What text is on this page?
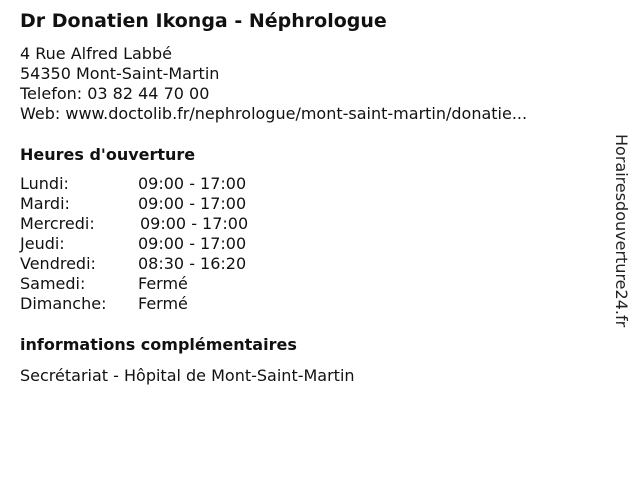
Dr Donatien Ikonga - Néphrologue
4 Rue Alfred Labbé
54350 Mont-Saint-Martin
Telefon: 03 82 44 70 00
Web: www.doctolib.fr/nephrologue/mont-saint-martin/donatie...
Heures d'ouverture
Lundi:	09:00 - 17:00
Mardi:	09:00 - 17:00
Mercredi:	09:00 - 17:00
Jeudi:	09:00 - 17:00
Vendredi:	08:30 - 16:20
Samedi:	Fermé
Dimanche: Fermé
informations complémentaires
Secrétariat - Hôpital de Mont-Saint-Martin
Horairesdouverture24.fr
